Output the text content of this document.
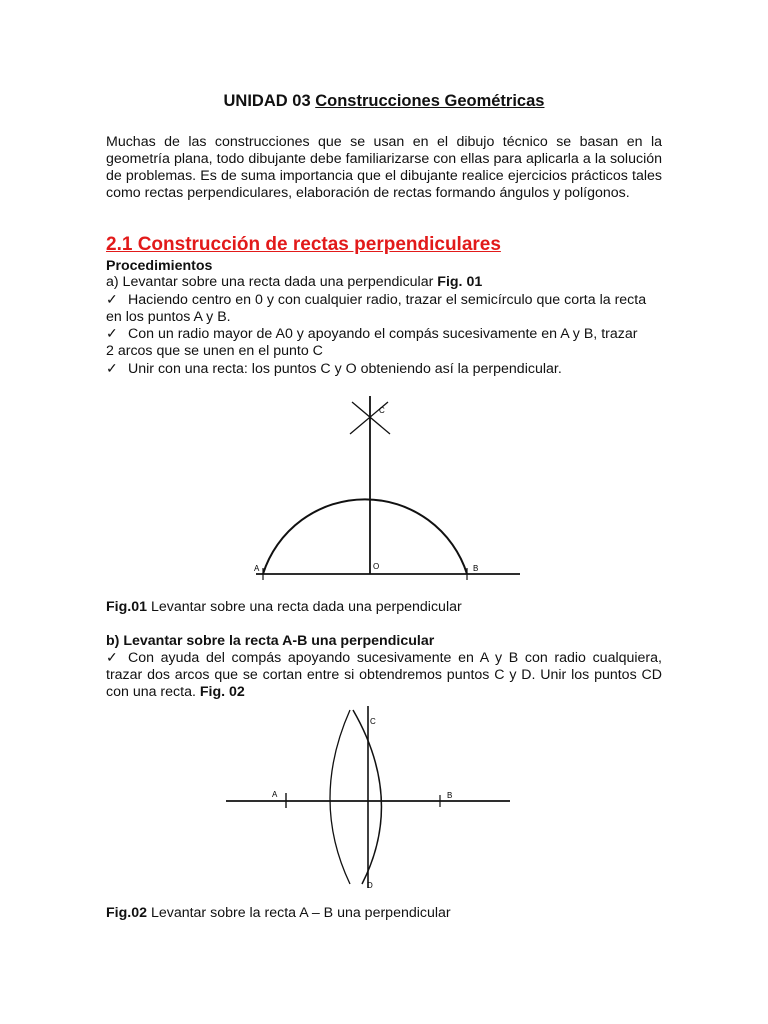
UNIDAD 03 Construcciones Geométricas

Muchas de las construcciones que se usan en el dibujo técnico se basan en la geometría plana, todo dibujante debe familiarizarse con ellas para aplicarla a la solución de problemas. Es de suma importancia que el dibujante realice ejercicios prácticos tales como rectas perpendiculares, elaboración de rectas formando ángulos y polígonos.

2.1 Construcción de rectas perpendiculares

Procedimientos

a) Levantar sobre una recta dada una perpendicular Fig. 01

✓ Haciendo centro en 0 y con cualquier radio, trazar el semicírculo que corta la recta

en los puntos A y B.

✓ Con un radio mayor de A0 y apoyando el compás sucesivamente en A y B, trazar

2 arcos que se unen en el punto C

✓ Unir con una recta: los puntos C y O obteniendo así la perpendicular.

A	O	B
C

Fig.01 Levantar sobre una recta dada una perpendicular

b) Levantar sobre la recta A-B una perpendicular

✓ Con ayuda del compás apoyando sucesivamente en A y B con radio cualquiera, trazar dos arcos que se cortan entre si obtendremos puntos C y D. Unir los puntos CD con una recta. Fig. 02

A	B
C
D

Fig.02 Levantar sobre la recta A – B una perpendicular
